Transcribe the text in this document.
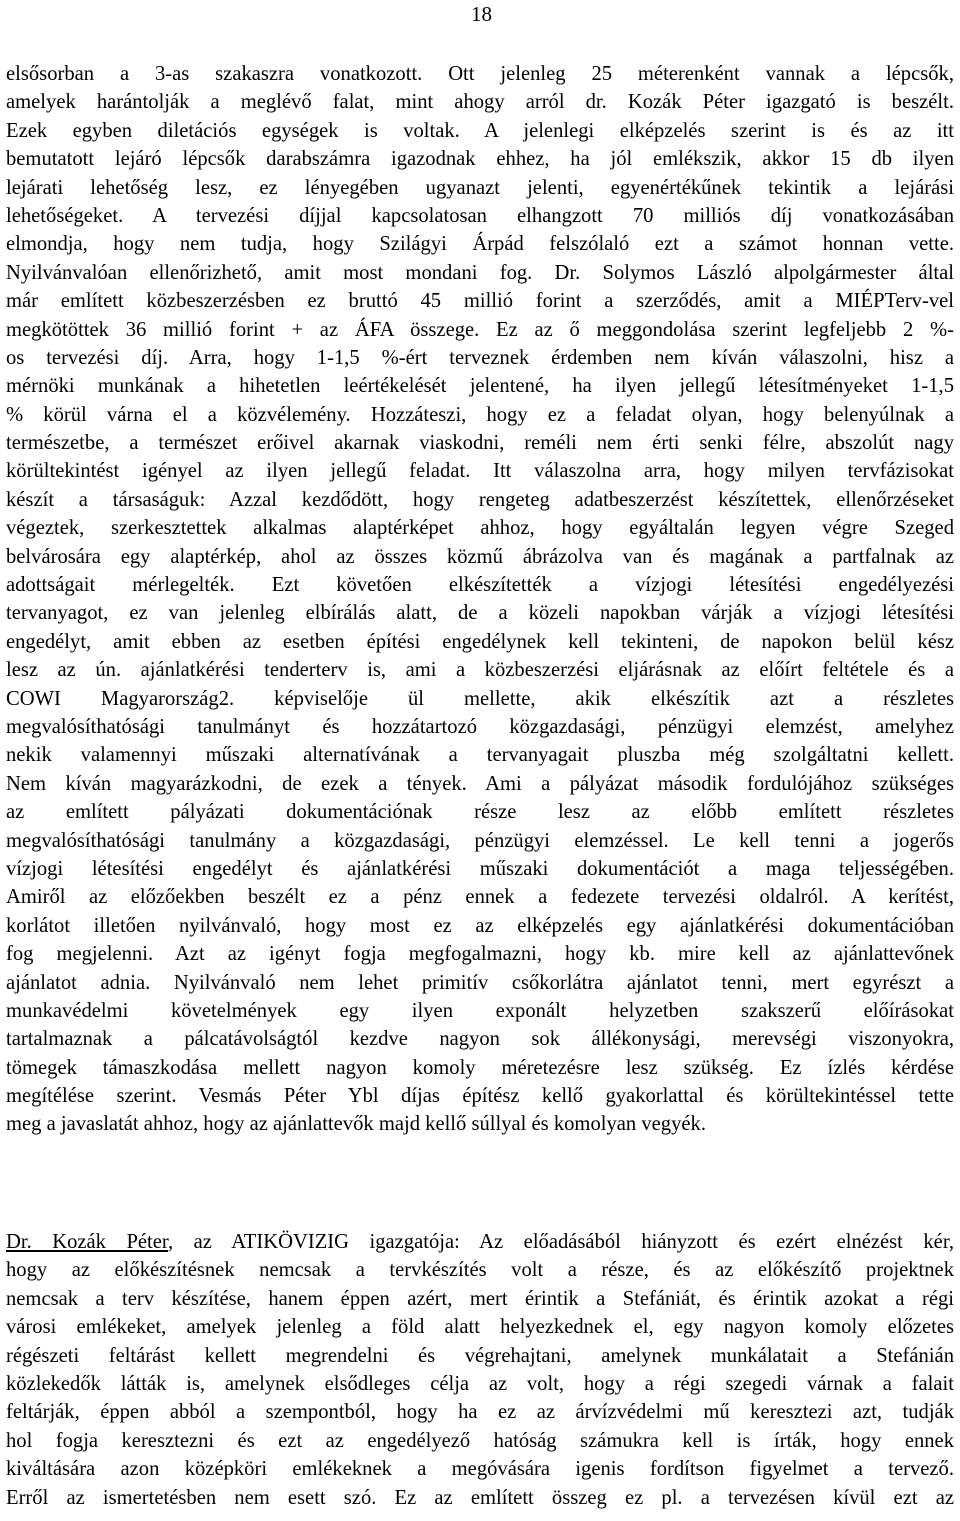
18
elsősorban a 3-as szakaszra vonatkozott. Ott jelenleg 25 méterenként vannak a lépcsők,
amelyek harántolják a meglévő falat, mint ahogy arról dr. Kozák Péter igazgató is beszélt.
Ezek egyben diletációs egységek is voltak. A jelenlegi elképzelés szerint is és az itt
bemutatott lejáró lépcsők darabszámra igazodnak ehhez, ha jól emlékszik, akkor 15 db ilyen
lejárati lehetőség lesz, ez lényegében ugyanazt jelenti, egyenértékűnek tekintik a lejárási
lehetőségeket. A tervezési díjjal kapcsolatosan elhangzott 70 milliós díj vonatkozásában
elmondja, hogy nem tudja, hogy Szilágyi Árpád felszólaló ezt a számot honnan vette.
Nyilvánvalóan ellenőrizhető, amit most mondani fog. Dr. Solymos László alpolgármester által
már említett közbeszerzésben ez bruttó 45 millió forint a szerződés, amit a MIÉPTerv-vel
megkötöttek 36 millió forint + az ÁFA összege. Ez az ő meggondolása szerint legfeljebb 2 %-
os tervezési díj. Arra, hogy 1-1,5 %-ért terveznek érdemben nem kíván válaszolni, hisz a
mérnöki munkának a hihetetlen leértékelését jelentené, ha ilyen jellegű létesítményeket 1-1,5
% körül várna el a közvélemény. Hozzáteszi, hogy ez a feladat olyan, hogy belenyúlnak a
természetbe, a természet erőivel akarnak viaskodni, reméli nem érti senki félre, abszolút nagy
körültekintést igényel az ilyen jellegű feladat. Itt válaszolna arra, hogy milyen tervfázisokat
készít a társaságuk: Azzal kezdődött, hogy rengeteg adatbeszerzést készítettek, ellenőrzéseket
végeztek, szerkesztettek alkalmas alaptérképet ahhoz, hogy egyáltalán legyen végre Szeged
belvárosára egy alaptérkép, ahol az összes közmű ábrázolva van és magának a partfalnak az
adottságait mérlegelték. Ezt követően elkészítették a vízjogi létesítési engedélyezési
tervanyagot, ez van jelenleg elbírálás alatt, de a közeli napokban várják a vízjogi létesítési
engedélyt, amit ebben az esetben építési engedélynek kell tekinteni, de napokon belül kész
lesz az ún. ajánlatkérési tenderterv is, ami a közbeszerzési eljárásnak az előírt feltétele és a
COWI Magyarország2. képviselője ül mellette, akik elkészítik azt a részletes
megvalósíthatósági tanulmányt és hozzátartozó közgazdasági, pénzügyi elemzést, amelyhez
nekik valamennyi műszaki alternatívának a tervanyagait pluszba még szolgáltatni kellett.
Nem kíván magyarázkodni, de ezek a tények. Ami a pályázat második fordulójához szükséges
az említett pályázati dokumentációnak része lesz az előbb említett részletes
megvalósíthatósági tanulmány a közgazdasági, pénzügyi elemzéssel. Le kell tenni a jogerős
vízjogi létesítési engedélyt és ajánlatkérési műszaki dokumentációt a maga teljességében.
Amiről az előzőekben beszélt ez a pénz ennek a fedezete tervezési oldalról. A kerítést,
korlátot illetően nyilvánvaló, hogy most ez az elképzelés egy ajánlatkérési dokumentációban
fog megjelenni. Azt az igényt fogja megfogalmazni, hogy kb. mire kell az ajánlattevőnek
ajánlatot adnia. Nyilvánvaló nem lehet primitív csőkorlátra ajánlatot tenni, mert egyrészt a
munkavédelmi követelmények egy ilyen exponált helyzetben szakszerű előírásokat
tartalmaznak a pálcatávolságtól kezdve nagyon sok állékonysági, merevségi viszonyokra,
tömegek támaszkodása mellett nagyon komoly méretezésre lesz szükség. Ez ízlés kérdése
megítélése szerint. Vesmás Péter Ybl díjas építész kellő gyakorlattal és körültekintéssel tette
meg a javaslatát ahhoz, hogy az ajánlattevők majd kellő súllyal és komolyan vegyék.
Dr. Kozák Péter, az ATIKÖVIZIG igazgatója: Az előadásából hiányzott és ezért elnézést kér,
hogy az előkészítésnek nemcsak a tervkészítés volt a része, és az előkészítő projektnek
nemcsak a terv készítése, hanem éppen azért, mert érintik a Stefániát, és érintik azokat a régi
városi emlékeket, amelyek jelenleg a föld alatt helyezkednek el, egy nagyon komoly előzetes
régészeti feltárást kellett megrendelni és végrehajtani, amelynek munkálatait a Stefánián
közlekedők látták is, amelynek elsődleges célja az volt, hogy a régi szegedi várnak a falait
feltárják, éppen abból a szempontból, hogy ha ez az árvízvédelmi mű keresztezi azt, tudják
hol fogja keresztezni és ezt az engedélyező hatóság számukra kell is írták, hogy ennek
kiváltására azon középköri emlékeknek a megóvására igenis fordítson figyelmet a tervező.
Erről az ismertetésben nem esett szó. Ez az említett összeg ez pl. a tervezésen kívül ezt az
